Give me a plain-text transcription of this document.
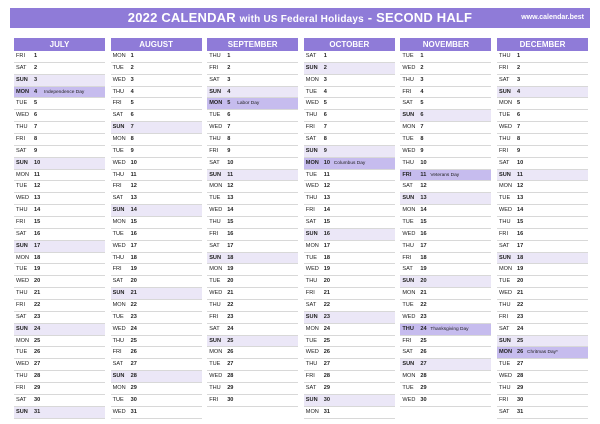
2022 CALENDAR with US Federal Holidays - SECOND HALF	www.calendar.best
JULY
FRI	1
SAT	2
SUN	3
MON 4 Independence Day
TUE	5
WED 6
THU	7
FRI	8
SAT	9
SUN	10
MON 11
TUE	12
WED 13
THU	14
FRI	15
SAT	16
SUN	17
MON 18
TUE	19
WED 20
THU	21
FRI	22
SAT	23
SUN	24
MON 25
TUE	26
WED 27
THU	28
FRI	29
SAT	30
SUN	31
AUGUST
MON 1
TUE	2
WED 3
THU	4
FRI	5
SAT	6
SUN	7
MON 8
TUE	9
WED 10
THU	11
FRI	12
SAT	13
SUN	14
MON 15
TUE	16
WED 17
THU	18
FRI	19
SAT	20
SUN	21
MON 22
TUE	23
WED 24
THU	25
FRI	26
SAT	27
SUN	28
MON 29
TUE	30
WED 31
SEPTEMBER
THU	1
FRI	2
SAT	3
SUN	4
MON 5 Labor Day
TUE	6
WED 7
THU	8
FRI	9
SAT	10
SUN	11
MON 12
TUE	13
WED 14
THU	15
FRI	16
SAT	17
SUN	18
MON 19
TUE	20
WED 21
THU	22
FRI	23
SAT	24
SUN	25
MON 26
TUE	27
WED 28
THU	29
FRI	30
OCTOBER
SAT	1
SUN	2
MON 3
TUE	4
WED 5
THU	6
FRI	7
SAT	8
SUN	9
MON 10 Columbus Day
TUE	11
WED 12
THU	13
FRI	14
SAT	15
SUN	16
MON 17
TUE	18
WED 19
THU	20
FRI	21
SAT	22
SUN	23
MON 24
TUE	25
WED 26
THU	27
FRI	28
SAT	29
SUN	30
MON 31
NOVEMBER
TUE	1
WED 2
THU	3
FRI	4
SAT	5
SUN	6
MON 7
TUE	8
WED 9
THU	10
FRI	11 Veterans Day
SAT	12
SUN	13
MON 14
TUE	15
WED 16
THU	17
FRI	18
SAT	19
SUN	20
MON 21
TUE	22
WED 23
THU	24 Thanksgiving Day
FRI	25
SAT	26
SUN	27
MON 28
TUE	29
WED 30
DECEMBER
THU	1
FRI	2
SAT	3
SUN	4
MON 5
TUE	6
WED 7
THU	8
FRI	9
SAT	10
SUN	11
MON 12
TUE	13
WED 14
THU	15
FRI	16
SAT	17
SUN	18
MON 19
TUE	20
WED 21
THU	22
FRI	23
SAT	24
SUN	25
MON 26 Chritmas Day*
TUE	27
WED 28
THU	29
FRI	30
SAT	31
